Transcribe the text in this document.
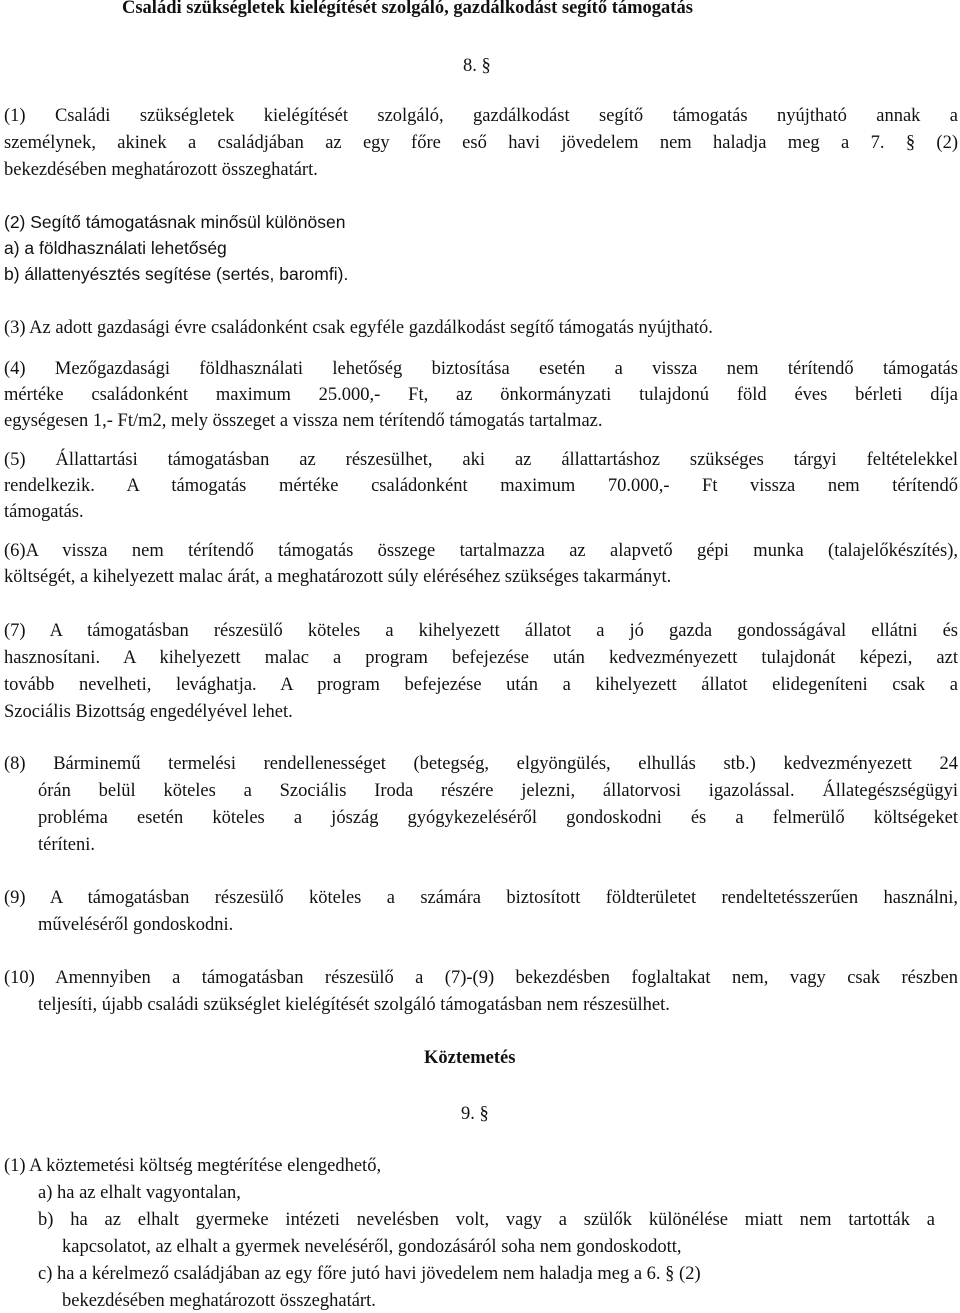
Családi szükségletek kielégítését szolgáló, gazdálkodást segítő támogatás
8. §
(1) Családi szükségletek kielégítését szolgáló, gazdálkodást segítő támogatás nyújtható annak a
személynek, akinek a családjában az egy főre eső havi jövedelem nem haladja meg a 7. § (2)
bekezdésében meghatározott összeghatárt.
(2) Segítő támogatásnak minősül különösen
a) a földhasználati lehetőség
b) állattenyésztés segítése (sertés, baromfi).
(3) Az adott gazdasági évre családonként csak egyféle gazdálkodást segítő támogatás nyújtható.
(4) Mezőgazdasági földhasználati lehetőség biztosítása esetén a vissza nem térítendő támogatás
mértéke családonként maximum 25.000,- Ft, az önkormányzati tulajdonú föld éves bérleti díja
egységesen 1,- Ft/m2, mely összeget a vissza nem térítendő támogatás tartalmaz.
(5) Állattartási támogatásban az részesülhet, aki az állattartáshoz szükséges tárgyi feltételekkel
rendelkezik. A támogatás mértéke családonként maximum 70.000,- Ft vissza nem térítendő
támogatás.
(6)A vissza nem térítendő támogatás összege tartalmazza az alapvető gépi munka (talajelőkészítés),
költségét, a kihelyezett malac árát, a meghatározott súly eléréséhez szükséges takarmányt.
(7) A támogatásban részesülő köteles a kihelyezett állatot a jó gazda gondosságával ellátni és
hasznosítani. A kihelyezett malac a program befejezése után kedvezményezett tulajdonát képezi, azt
tovább nevelheti, levághatja. A program befejezése után a kihelyezett állatot elidegeníteni csak a
Szociális Bizottság engedélyével lehet.
(8) Bárminemű termelési rendellenességet (betegség, elgyöngülés, elhullás stb.) kedvezményezett 24
órán belül köteles a Szociális Iroda részére jelezni, állatorvosi igazolással. Állategészségügyi
probléma esetén köteles a jószág gyógykezeléséről gondoskodni és a felmerülő költségeket
téríteni.
(9) A támogatásban részesülő köteles a számára biztosított földterületet rendeltetésszerűen használni,
műveléséről gondoskodni.
(10) Amennyiben a támogatásban részesülő a (7)-(9) bekezdésben foglaltakat nem, vagy csak részben
teljesíti, újabb családi szükséglet kielégítését szolgáló támogatásban nem részesülhet.
Köztemetés
9. §
(1) A köztemetési költség megtérítése elengedhető,
a) ha az elhalt vagyontalan,
b) ha az elhalt gyermeke intézeti nevelésben volt, vagy a szülők különélése miatt nem tartották a
kapcsolatot, az elhalt a gyermek neveléséről, gondozásáról soha nem gondoskodott,
c) ha a kérelmező családjában az egy főre jutó havi jövedelem nem haladja meg a 6. § (2)
bekezdésében meghatározott összeghatárt.
